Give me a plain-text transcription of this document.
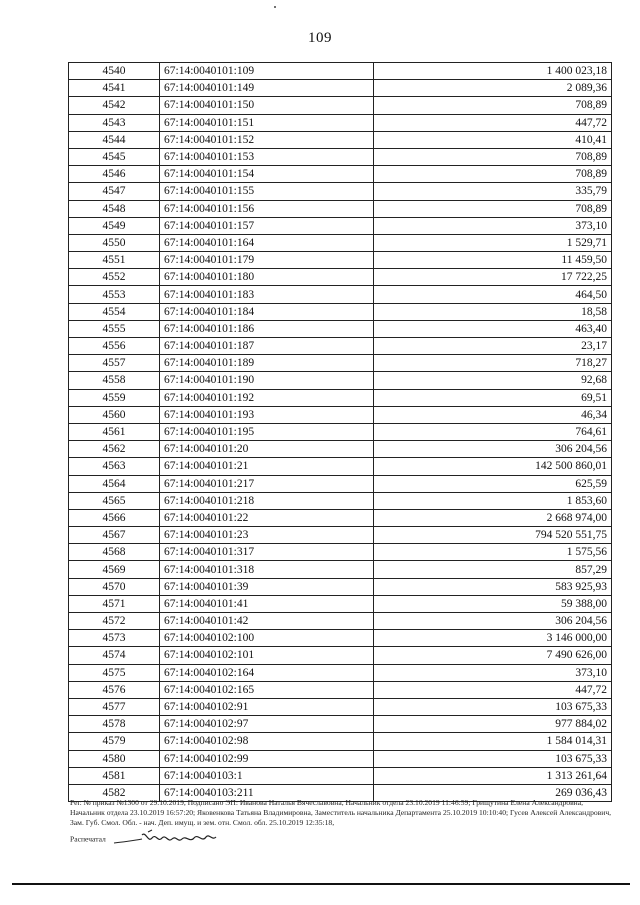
109
4540	67:14:0040101:109	1 400 023,18
4541	67:14:0040101:149	2 089,36
4542	67:14:0040101:150	708,89
4543	67:14:0040101:151	447,72
4544	67:14:0040101:152	410,41
4545	67:14:0040101:153	708,89
4546	67:14:0040101:154	708,89
4547	67:14:0040101:155	335,79
4548	67:14:0040101:156	708,89
4549	67:14:0040101:157	373,10
4550	67:14:0040101:164	1 529,71
4551	67:14:0040101:179	11 459,50
4552	67:14:0040101:180	17 722,25
4553	67:14:0040101:183	464,50
4554	67:14:0040101:184	18,58
4555	67:14:0040101:186	463,40
4556	67:14:0040101:187	23,17
4557	67:14:0040101:189	718,27
4558	67:14:0040101:190	92,68
4559	67:14:0040101:192	69,51
4560	67:14:0040101:193	46,34
4561	67:14:0040101:195	764,61
4562	67:14:0040101:20	306 204,56
4563	67:14:0040101:21	142 500 860,01
4564	67:14:0040101:217	625,59
4565	67:14:0040101:218	1 853,60
4566	67:14:0040101:22	2 668 974,00
4567	67:14:0040101:23	794 520 551,75
4568	67:14:0040101:317	1 575,56
4569	67:14:0040101:318	857,29
4570	67:14:0040101:39	583 925,93
4571	67:14:0040101:41	59 388,00
4572	67:14:0040101:42	306 204,56
4573	67:14:0040102:100	3 146 000,00
4574	67:14:0040102:101	7 490 626,00
4575	67:14:0040102:164	373,10
4576	67:14:0040102:165	447,72
4577	67:14:0040102:91	103 675,33
4578	67:14:0040102:97	977 884,02
4579	67:14:0040102:98	1 584 014,31
4580	67:14:0040102:99	103 675,33
4581	67:14:0040103:1	1 313 261,64
4582	67:14:0040103:211	269 036,43
Рег. № приказ №1300 от 29.10.2019, Подписано ЭП: Иванова Наталья Вячеславовна, Начальник отдела 23.10.2019 11:46:59; Грищутина Елена Александровна, Начальник отдела 23.10.2019 16:57:20; Яковенкова Татьяна Владимировна, Заместитель начальника Департамента 25.10.2019 10:10:40; Гусев Алексей Александрович, Зам. Губ. Смол. Обл. - нач. Деп. имущ. и зем. отн. Смол. обл. 25.10.2019 12:35:18,
Распечатал
